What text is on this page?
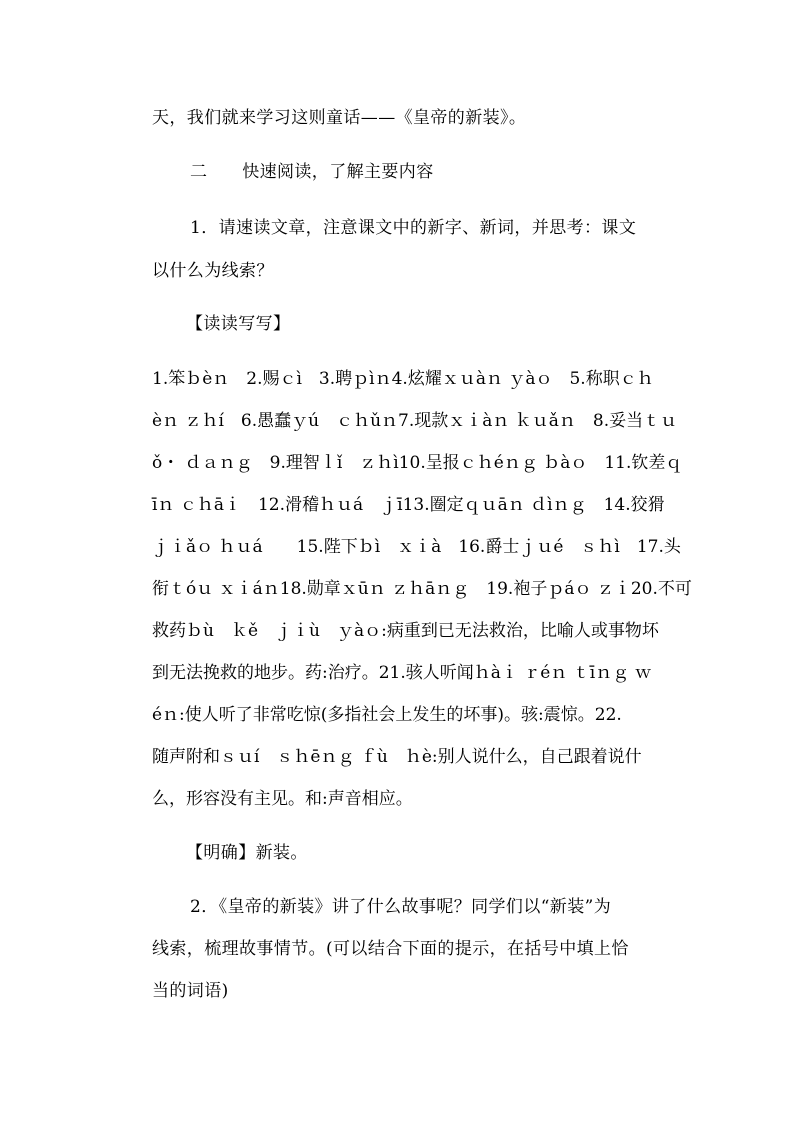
天，我们就来学习这则童话——《皇帝的新装》。
二　　快速阅读，了解主要内容
1．请速读文章，注意课文中的新字、新词，并思考：课文
以什么为线索？
【读读写写】
1.笨ｂèｎ　2.赐ｃì　3.聘ｐìｎ4.炫耀ｘｕàｎ ｙàｏ　5.称职ｃｈ
èｎ ｚｈí　6.愚蠢ｙú　ｃｈǔｎ7.现款ｘｉàｎ ｋｕǎｎ　8.妥当ｔｕ
ǒ・ ｄａｎｇ　9.理智ｌǐ　ｚｈì10.呈报ｃｈéｎｇ ｂàｏ　11.钦差ｑ
īｎ ｃｈāｉ　12.滑稽ｈｕá　ｊī13.圈定ｑｕāｎ ｄìｎｇ　14.狡猾
ｊｉǎｏ ｈｕá　　15.陛下ｂì　ｘｉà　16.爵士ｊｕé　ｓｈì　17.头
衔ｔóｕ ｘｉáｎ18.勋章ｘūｎ ｚｈāｎｇ　19.袍子ｐáｏ ｚｉ20.不可
救药ｂù　ｋě　ｊｉù　ｙàｏ:病重到已无法救治，比喻人或事物坏
到无法挽救的地步。药:治疗。21.骇人听闻ｈàｉ ｒéｎ ｔīｎｇ ｗ
éｎ:使人听了非常吃惊(多指社会上发生的坏事)。骇:震惊。22.
随声附和ｓｕí　ｓｈēｎｇ ｆù　ｈè:别人说什么，自己跟着说什
么，形容没有主见。和:声音相应。
【明确】新装。
2．《皇帝的新装》讲了什么故事呢？同学们以“新装”为
线索，梳理故事情节。(可以结合下面的提示，在括号中填上恰
当的词语)
